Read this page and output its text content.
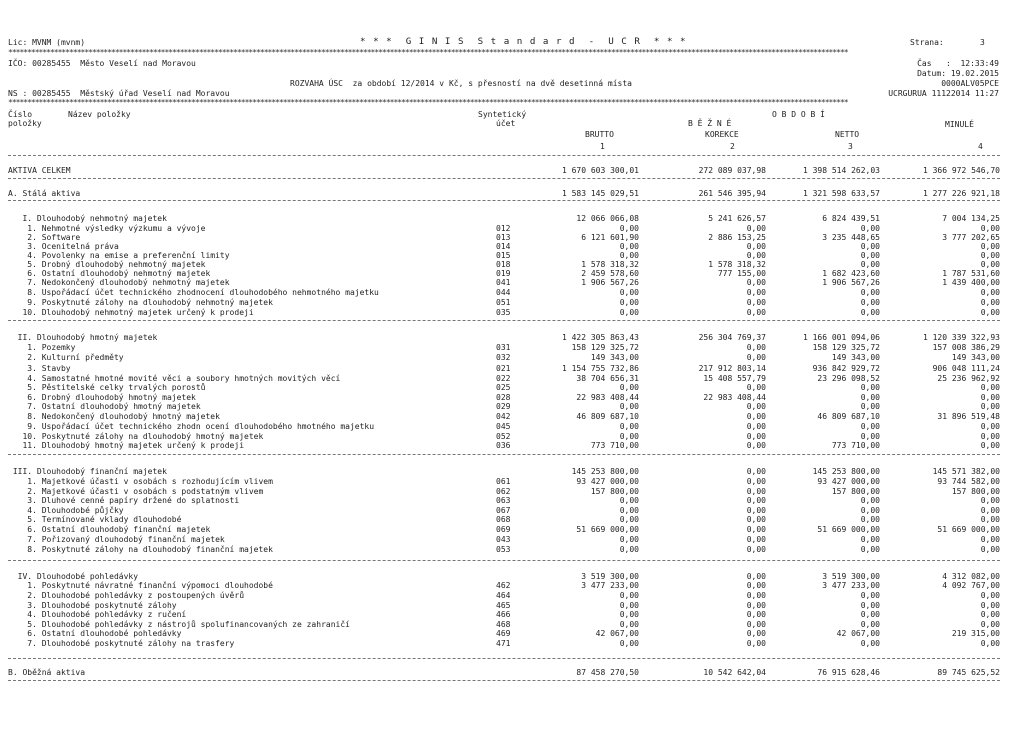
Lic: MVNM (mvnm)	* * *  G I N I S  S t a n d a r d  -  U C R  * * *	Strana:	3
****************************************************************************************************************************************************************************************************************************
IČO: 00285455  Město Veselí nad Moravou	Čas   :  12:33:49
Datum: 19.02.2015
ROZVAHA ÚSC  za období 12/2014 v Kč, s přesností na dvě desetinná místa	0000ALV05PCE
NS : 00285455  Městský úřad Veselí nad Moravou	UCRGURUA 11122014 11:27
****************************************************************************************************************************************************************************************************************************
Číslo
položky
Název položky	Syntetický
účet
O B D O B Í
B Ě Ž N É	MINULÉ
BRUTTO	KOREKCE	NETTO
1	2	3	4
AKTIVA CELKEM	1 670 603 300,01	272 089 037,98	1 398 514 262,03	1 366 972 546,70
A. Stálá aktiva	1 583 145 029,51	261 546 395,94	1 321 598 633,57	1 277 226 921,18
I. Dlouhodobý nehmotný majetek	12 066 066,08	5 241 626,57	6 824 439,51	7 004 134,25
1. Nehmotné výsledky výzkumu a vývoje	012	0,00	0,00	0,00	0,00
2. Software	013	6 121 601,90	2 886 153,25	3 235 448,65	3 777 202,65
3. Ocenitelná práva	014	0,00	0,00	0,00	0,00
4. Povolenky na emise a preferenční limity	015	0,00	0,00	0,00	0,00
5. Drobný dlouhodobý nehmotný majetek	018	1 578 318,32	1 578 318,32	0,00	0,00
6. Ostatní dlouhodobý nehmotný majetek	019	2 459 578,60	777 155,00	1 682 423,60	1 787 531,60
7. Nedokončený dlouhodobý nehmotný majetek	041	1 906 567,26	0,00	1 906 567,26	1 439 400,00
8. Uspořádací účet technického zhodnocení dlouhodobého nehmotného majetku	044	0,00	0,00	0,00	0,00
9. Poskytnuté zálohy na dlouhodobý nehmotný majetek	051	0,00	0,00	0,00	0,00
10. Dlouhodobý nehmotný majetek určený k prodeji	035	0,00	0,00	0,00	0,00
II. Dlouhodobý hmotný majetek	1 422 305 863,43	256 304 769,37	1 166 001 094,06	1 120 339 322,93
1. Pozemky	031	158 129 325,72	0,00	158 129 325,72	157 008 386,29
2. Kulturní předměty	032	149 343,00	0,00	149 343,00	149 343,00
3. Stavby	021	1 154 755 732,86	217 912 803,14	936 842 929,72	906 048 111,24
4. Samostatné hmotné movité věci a soubory hmotných movitých věcí	022	38 704 656,31	15 408 557,79	23 296 098,52	25 236 962,92
5. Pěstitelské celky trvalých porostů	025	0,00	0,00	0,00	0,00
6. Drobný dlouhodobý hmotný majetek	028	22 983 408,44	22 983 408,44	0,00	0,00
7. Ostatní dlouhodobý hmotný majetek	029	0,00	0,00	0,00	0,00
8. Nedokončený dlouhodobý hmotný majetek	042	46 809 687,10	0,00	46 809 687,10	31 896 519,48
9. Uspořádací účet technického zhodn ocení dlouhodobého hmotného majetku	045	0,00	0,00	0,00	0,00
10. Poskytnuté zálohy na dlouhodobý hmotný majetek	052	0,00	0,00	0,00	0,00
11. Dlouhodobý hmotný majetek určený k prodeji	036	773 710,00	0,00	773 710,00	0,00
III. Dlouhodobý finanční majetek	145 253 800,00	0,00	145 253 800,00	145 571 382,00
1. Majetkové účasti v osobách s rozhodujícím vlivem	061	93 427 000,00	0,00	93 427 000,00	93 744 582,00
2. Majetkové účasti v osobách s podstatným vlivem	062	157 800,00	0,00	157 800,00	157 800,00
3. Dluhové cenné papíry držené do splatnosti	063	0,00	0,00	0,00	0,00
4. Dlouhodobé půjčky	067	0,00	0,00	0,00	0,00
5. Termínované vklady dlouhodobé	068	0,00	0,00	0,00	0,00
6. Ostatní dlouhodobý finanční majetek	069	51 669 000,00	0,00	51 669 000,00	51 669 000,00
7. Pořizovaný dlouhodobý finanční majetek	043	0,00	0,00	0,00	0,00
8. Poskytnuté zálohy na dlouhodobý finanční majetek	053	0,00	0,00	0,00	0,00
IV. Dlouhodobé pohledávky	3 519 300,00	0,00	3 519 300,00	4 312 082,00
1. Poskytnuté návratné finanční výpomoci dlouhodobé	462	3 477 233,00	0,00	3 477 233,00	4 092 767,00
2. Dlouhodobé pohledávky z postoupených úvěrů	464	0,00	0,00	0,00	0,00
3. Dlouhodobé poskytnuté zálohy	465	0,00	0,00	0,00	0,00
4. Dlouhodobé pohledávky z ručení	466	0,00	0,00	0,00	0,00
5. Dlouhodobé pohledávky z nástrojů spolufinancovaných ze zahraničí	468	0,00	0,00	0,00	0,00
6. Ostatní dlouhodobé pohledávky	469	42 067,00	0,00	42 067,00	219 315,00
7. Dlouhodobé poskytnuté zálohy na trasfery	471	0,00	0,00	0,00	0,00
B. Oběžná aktiva	87 458 270,50	10 542 642,04	76 915 628,46	89 745 625,52
